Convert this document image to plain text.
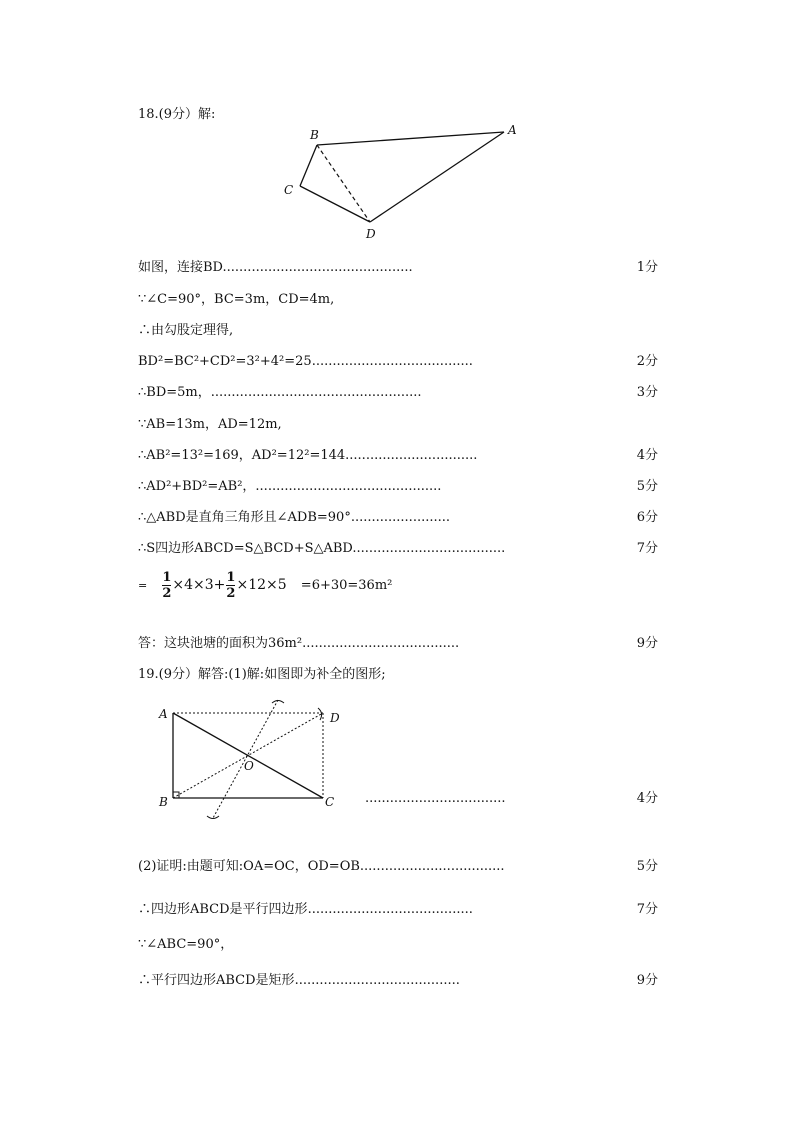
18.(9分）解:
B	A
C
D
如图，连接BD..............................................	1分
∵∠C=90°，BC=3m，CD=4m,
∴由勾股定理得,
BD²=BC²+CD²=3²+4²=25.......................................	2分
∴BD=5m，...................................................	3分
∵AB=13m，AD=12m,
∴AB²=13²=169，AD²=12²=144................................	4分
∴AD²+BD²=AB²，.............................................	5分
∴△ABD是直角三角形且∠ADB=90°........................	6分
∴S四边形ABCD=S△BCD+S△ABD.....................................	7分
= $\frac{1}{2} \times 4\times 3+ \frac{1}{2} \times 12\times 5 =6+30=36m^2$
答：这块池塘的面积为36m²......................................	9分
19.(9分）解答:(1)解:如图即为补全的图形;
A	D
O
B	C ..................................	4分
(2)证明:由题可知:OA=OC，OD=OB...................................	5分
∴四边形ABCD是平行四边形........................................	7分
∵∠ABC=90°，
∴平行四边形ABCD是矩形........................................	9分
